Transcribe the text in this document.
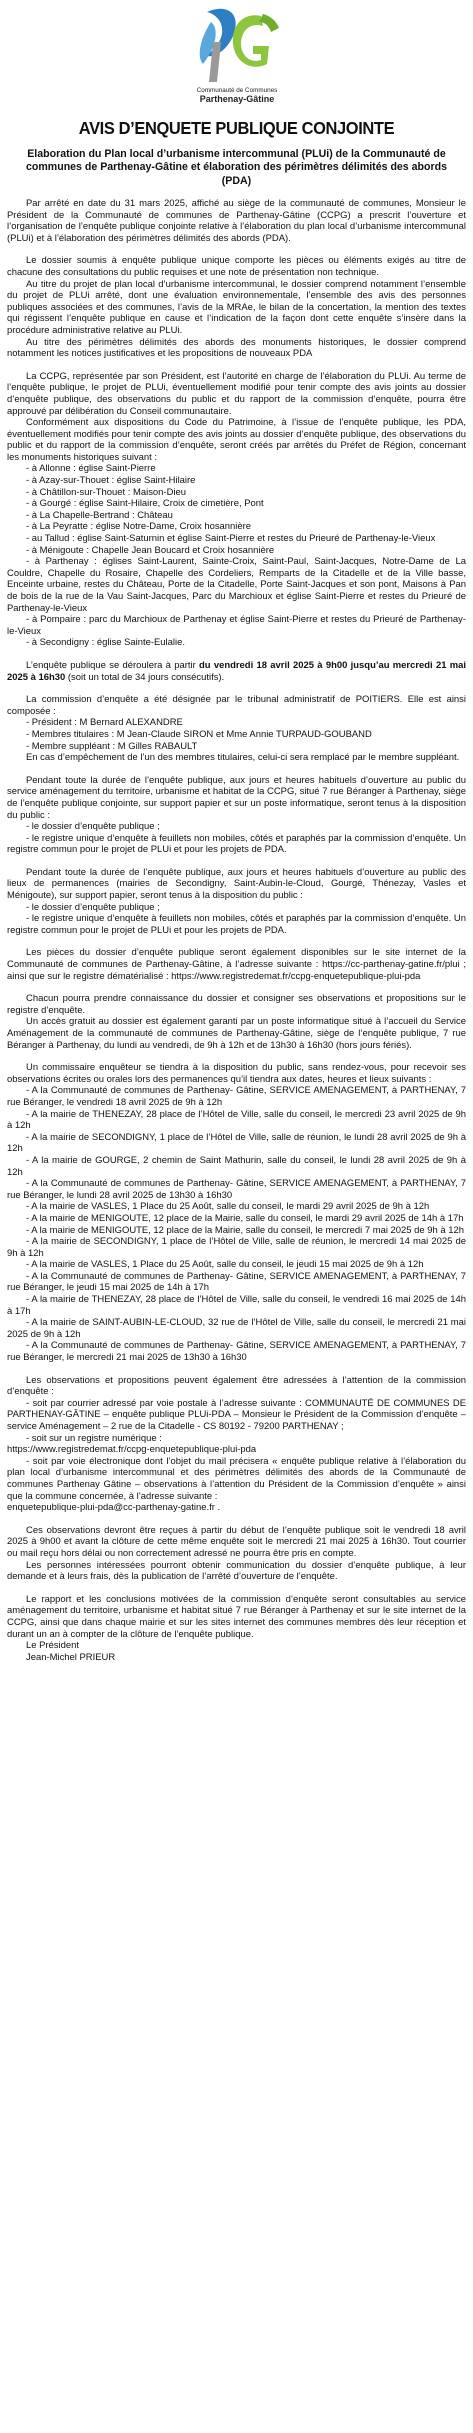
Communauté de Communes
Parthenay-Gâtine
AVIS D’ENQUETE PUBLIQUE CONJOINTE

Elaboration du Plan local d’urbanisme intercommunal (PLUi) de la Communauté de communes de Parthenay-Gâtine et élaboration des périmètres délimités des abords (PDA)

Par arrêté en date du 31 mars 2025, affiché au siège de la communauté de communes, Monsieur le Président de la Communauté de communes de Parthenay-Gâtine (CCPG) a prescrit l’ouverture et l’organisation de l’enquête publique conjointe relative à l’élaboration du plan local d’urbanisme intercommunal (PLUi) et à l’élaboration des périmètres délimités des abords (PDA).

Le dossier soumis à enquête publique unique comporte les pièces ou éléments exigés au titre de chacune des consultations du public requises et une note de présentation non technique.

Au titre du projet de plan local d’urbanisme intercommunal, le dossier comprend notamment l’ensemble du projet de PLUi arrêté, dont une évaluation environnementale, l’ensemble des avis des personnes publiques associées et des communes, l’avis de la MRAe, le bilan de la concertation, la mention des textes qui régissent l’enquête publique en cause et l’indication de la façon dont cette enquête s’insère dans la procédure administrative relative au PLUi.

Au titre des périmètres délimités des abords des monuments historiques, le dossier comprend notamment les notices justificatives et les propositions de nouveaux PDA

La CCPG, représentée par son Président, est l’autorité en charge de l’élaboration du PLUi. Au terme de l’enquête publique, le projet de PLUi, éventuellement modifié pour tenir compte des avis joints au dossier d’enquête publique, des observations du public et du rapport de la commission d’enquête, pourra être approuvé par délibération du Conseil communautaire.

Conformément aux dispositions du Code du Patrimoine, à l’issue de l’enquête publique, les PDA, éventuellement modifiés pour tenir compte des avis joints au dossier d’enquête publique, des observations du public et du rapport de la commission d’enquête, seront créés par arrêtés du Préfet de Région, concernant les monuments historiques suivant :

- à Allonne : église Saint-Pierre

- à Azay-sur-Thouet : église Saint-Hilaire

- à Châtillon-sur-Thouet : Maison-Dieu

- à Gourgé : église Saint-Hilaire, Croix de cimetière, Pont

- à La Chapelle-Bertrand : Château

- à La Peyratte : église Notre-Dame, Croix hosannière

- au Tallud : église Saint-Saturnin et église Saint-Pierre et restes du Prieuré de Parthenay-le-Vieux

- à Ménigoute : Chapelle Jean Boucard et Croix hosannière

- à Parthenay : églises Saint-Laurent, Sainte-Croix, Saint-Paul, Saint-Jacques, Notre-Dame de La Couldre, Chapelle du Rosaire, Chapelle des Cordeliers, Remparts de la Citadelle et de la Ville basse, Enceinte urbaine, restes du Château, Porte de la Citadelle, Porte Saint-Jacques et son pont, Maisons à Pan de bois de la rue de la Vau Saint-Jacques, Parc du Marchioux et église Saint-Pierre et restes du Prieuré de Parthenay-le-Vieux

- à Pompaire : parc du Marchioux de Parthenay et église Saint-Pierre et restes du Prieuré de Parthenay-le-Vieux

- à Secondigny : église Sainte-Eulalie.

L’enquête publique se déroulera à partir du vendredi 18 avril 2025 à 9h00 jusqu’au mercredi 21 mai 2025 à 16h30 (soit un total de 34 jours consécutifs).

La commission d’enquête a été désignée par le tribunal administratif de POITIERS. Elle est ainsi composée :

- Président : M Bernard ALEXANDRE

- Membres titulaires : M Jean-Claude SIRON et Mme Annie TURPAUD-GOUBAND

- Membre suppléant : M Gilles RABAULT

En cas d’empêchement de l’un des membres titulaires, celui-ci sera remplacé par le membre suppléant.

Pendant toute la durée de l’enquête publique, aux jours et heures habituels d’ouverture au public du service aménagement du territoire, urbanisme et habitat de la CCPG, situé 7 rue Béranger à Parthenay, siège de l’enquête publique conjointe, sur support papier et sur un poste informatique, seront tenus à la disposition du public :

- le dossier d’enquête publique ;

- le registre unique d’enquête à feuillets non mobiles, côtés et paraphés par la commission d’enquête. Un registre commun pour le projet de PLUi et pour les projets de PDA.

Pendant toute la durée de l’enquête publique, aux jours et heures habituels d’ouverture au public des lieux de permanences (mairies de Secondigny, Saint-Aubin-le-Cloud, Gourgé, Thénezay, Vasles et Ménigoute), sur support papier, seront tenus à la disposition du public :

- le dossier d’enquête publique ;

- le registre unique d’enquête à feuillets non mobiles, côtés et paraphés par la commission d’enquête. Un registre commun pour le projet de PLUi et pour les projets de PDA.

Les pièces du dossier d’enquête publique seront également disponibles sur le site internet de la Communauté de communes de Parthenay-Gâtine, à l’adresse suivante : https://cc-parthenay-gatine.fr/plui ; ainsi que sur le registre dématérialisé : https://www.registredemat.fr/ccpg-enquetepublique-plui-pda

Chacun pourra prendre connaissance du dossier et consigner ses observations et propositions sur le registre d’enquête.

Un accès gratuit au dossier est également garanti par un poste informatique situé à l’accueil du Service Aménagement de la communauté de communes de Parthenay-Gâtine, siège de l’enquête publique, 7 rue Béranger à Parthenay, du lundi au vendredi, de 9h à 12h et de 13h30 à 16h30 (hors jours fériés).

Un commissaire enquêteur se tiendra à la disposition du public, sans rendez-vous, pour recevoir ses observations écrites ou orales lors des permanences qu’il tiendra aux dates, heures et lieux suivants :

- A la Communauté de communes de Parthenay- Gâtine, SERVICE AMENAGEMENT, à PARTHENAY, 7 rue Béranger, le vendredi 18 avril 2025 de 9h à 12h

- A la mairie de THENEZAY, 28 place de l’Hôtel de Ville, salle du conseil, le mercredi 23 avril 2025 de 9h à 12h

- A la mairie de SECONDIGNY, 1 place de l’Hôtel de Ville, salle de réunion, le lundi 28 avril 2025 de 9h à 12h

- A la mairie de GOURGE, 2 chemin de Saint Mathurin, salle du conseil, le lundi 28 avril 2025 de 9h à 12h

- A la Communauté de communes de Parthenay- Gâtine, SERVICE AMENAGEMENT, à PARTHENAY, 7 rue Béranger, le lundi 28 avril 2025 de 13h30 à 16h30

- A la mairie de VASLES, 1 Place du 25 Août, salle du conseil, le mardi 29 avril 2025 de 9h à 12h

- A la mairie de MENIGOUTE, 12 place de la Mairie, salle du conseil, le mardi 29 avril 2025 de 14h à 17h

- A la mairie de MENIGOUTE, 12 place de la Mairie, salle du conseil, le mercredi 7 mai 2025 de 9h à 12h

- A la mairie de SECONDIGNY, 1 place de l’Hôtel de Ville, salle de réunion, le mercredi 14 mai 2025 de 9h à 12h

- A la mairie de VASLES, 1 Place du 25 Août, salle du conseil, le jeudi 15 mai 2025 de 9h à 12h

- A la Communauté de communes de Parthenay- Gâtine, SERVICE AMENAGEMENT, à PARTHENAY, 7 rue Béranger, le jeudi 15 mai 2025 de 14h à 17h

- A la mairie de THENEZAY, 28 place de l’Hôtel de Ville, salle du conseil, le vendredi 16 mai 2025 de 14h à 17h

- A la mairie de SAINT-AUBIN-LE-CLOUD, 32 rue de l’Hôtel de Ville, salle du conseil, le mercredi 21 mai 2025 de 9h à 12h

- A la Communauté de communes de Parthenay- Gâtine, SERVICE AMENAGEMENT, à PARTHENAY, 7 rue Béranger, le mercredi 21 mai 2025 de 13h30 à 16h30

Les observations et propositions peuvent également être adressées à l’attention de la commission d’enquête :

- soit par courrier adressé par voie postale à l’adresse suivante : COMMUNAUTÉ DE COMMUNES DE PARTHENAY-GÂTINE – enquête publique PLUi-PDA – Monsieur le Président de la Commission d’enquête – service Aménagement – 2 rue de la Citadelle - CS 80192 - 79200 PARTHENAY ;

- soit sur un registre numérique :

https://www.registredemat.fr/ccpg-enquetepublique-plui-pda

- soit par voie électronique dont l’objet du mail précisera « enquête publique relative à l’élaboration du plan local d’urbanisme intercommunal et des périmètres délimités des abords de la Communauté de communes Parthenay Gâtine – observations à l’attention du Président de la Commission d’enquête » ainsi que la commune concernée, à l’adresse suivante :

enquetepublique-plui-pda@cc-parthenay-gatine.fr .

Ces observations devront être reçues à partir du début de l’enquête publique soit le vendredi 18 avril 2025 à 9h00 et avant la clôture de cette même enquête soit le mercredi 21 mai 2025 à 16h30. Tout courrier ou mail reçu hors délai ou non correctement adressé ne pourra être pris en compte.

Les personnes intéressées pourront obtenir communication du dossier d’enquête publique, à leur demande et à leurs frais, dès la publication de l’arrêté d’ouverture de l’enquête.

Le rapport et les conclusions motivées de la commission d’enquête seront consultables au service aménagement du territoire, urbanisme et habitat situé 7 rue Béranger à Parthenay et sur le site internet de la CCPG, ainsi que dans chaque mairie et sur les sites internet des communes membres dès leur réception et durant un an à compter de la clôture de l’enquête publique.

Le Président

Jean-Michel PRIEUR
